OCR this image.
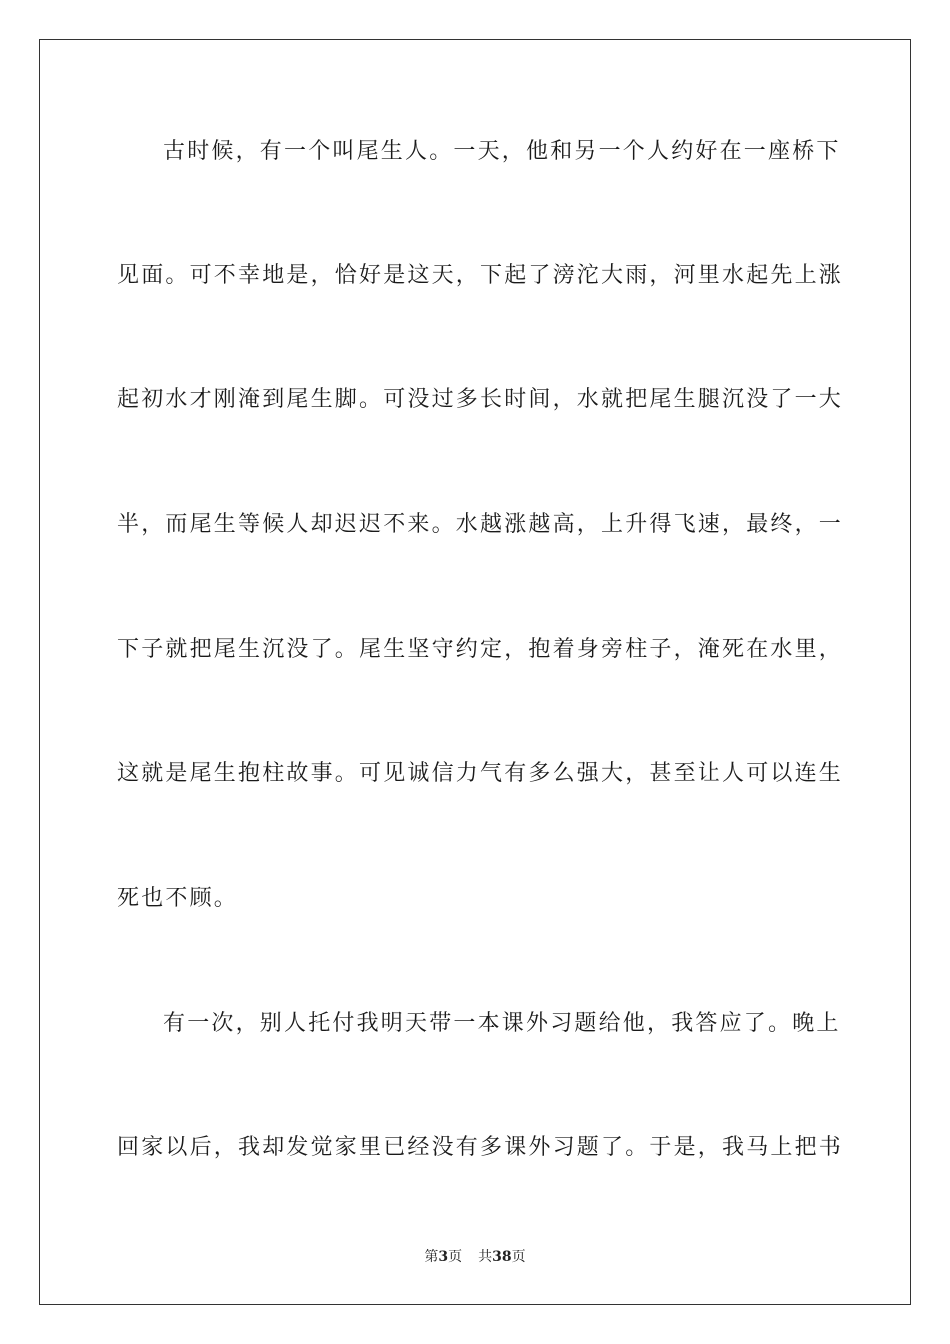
古时候，有一个叫尾生人。一天，他和另一个人约好在一座桥下
见面。可不幸地是，恰好是这天，下起了滂沱大雨，河里水起先上涨
起初水才刚淹到尾生脚。可没过多长时间，水就把尾生腿沉没了一大
半，而尾生等候人却迟迟不来。水越涨越高，上升得飞速，最终，一
下子就把尾生沉没了。尾生坚守约定，抱着身旁柱子，淹死在水里，
这就是尾生抱柱故事。可见诚信力气有多么强大，甚至让人可以连生
死也不顾。
有一次，别人托付我明天带一本课外习题给他，我答应了。晚上
回家以后，我却发觉家里已经没有多课外习题了。于是，我马上把书
第3页 共38页
